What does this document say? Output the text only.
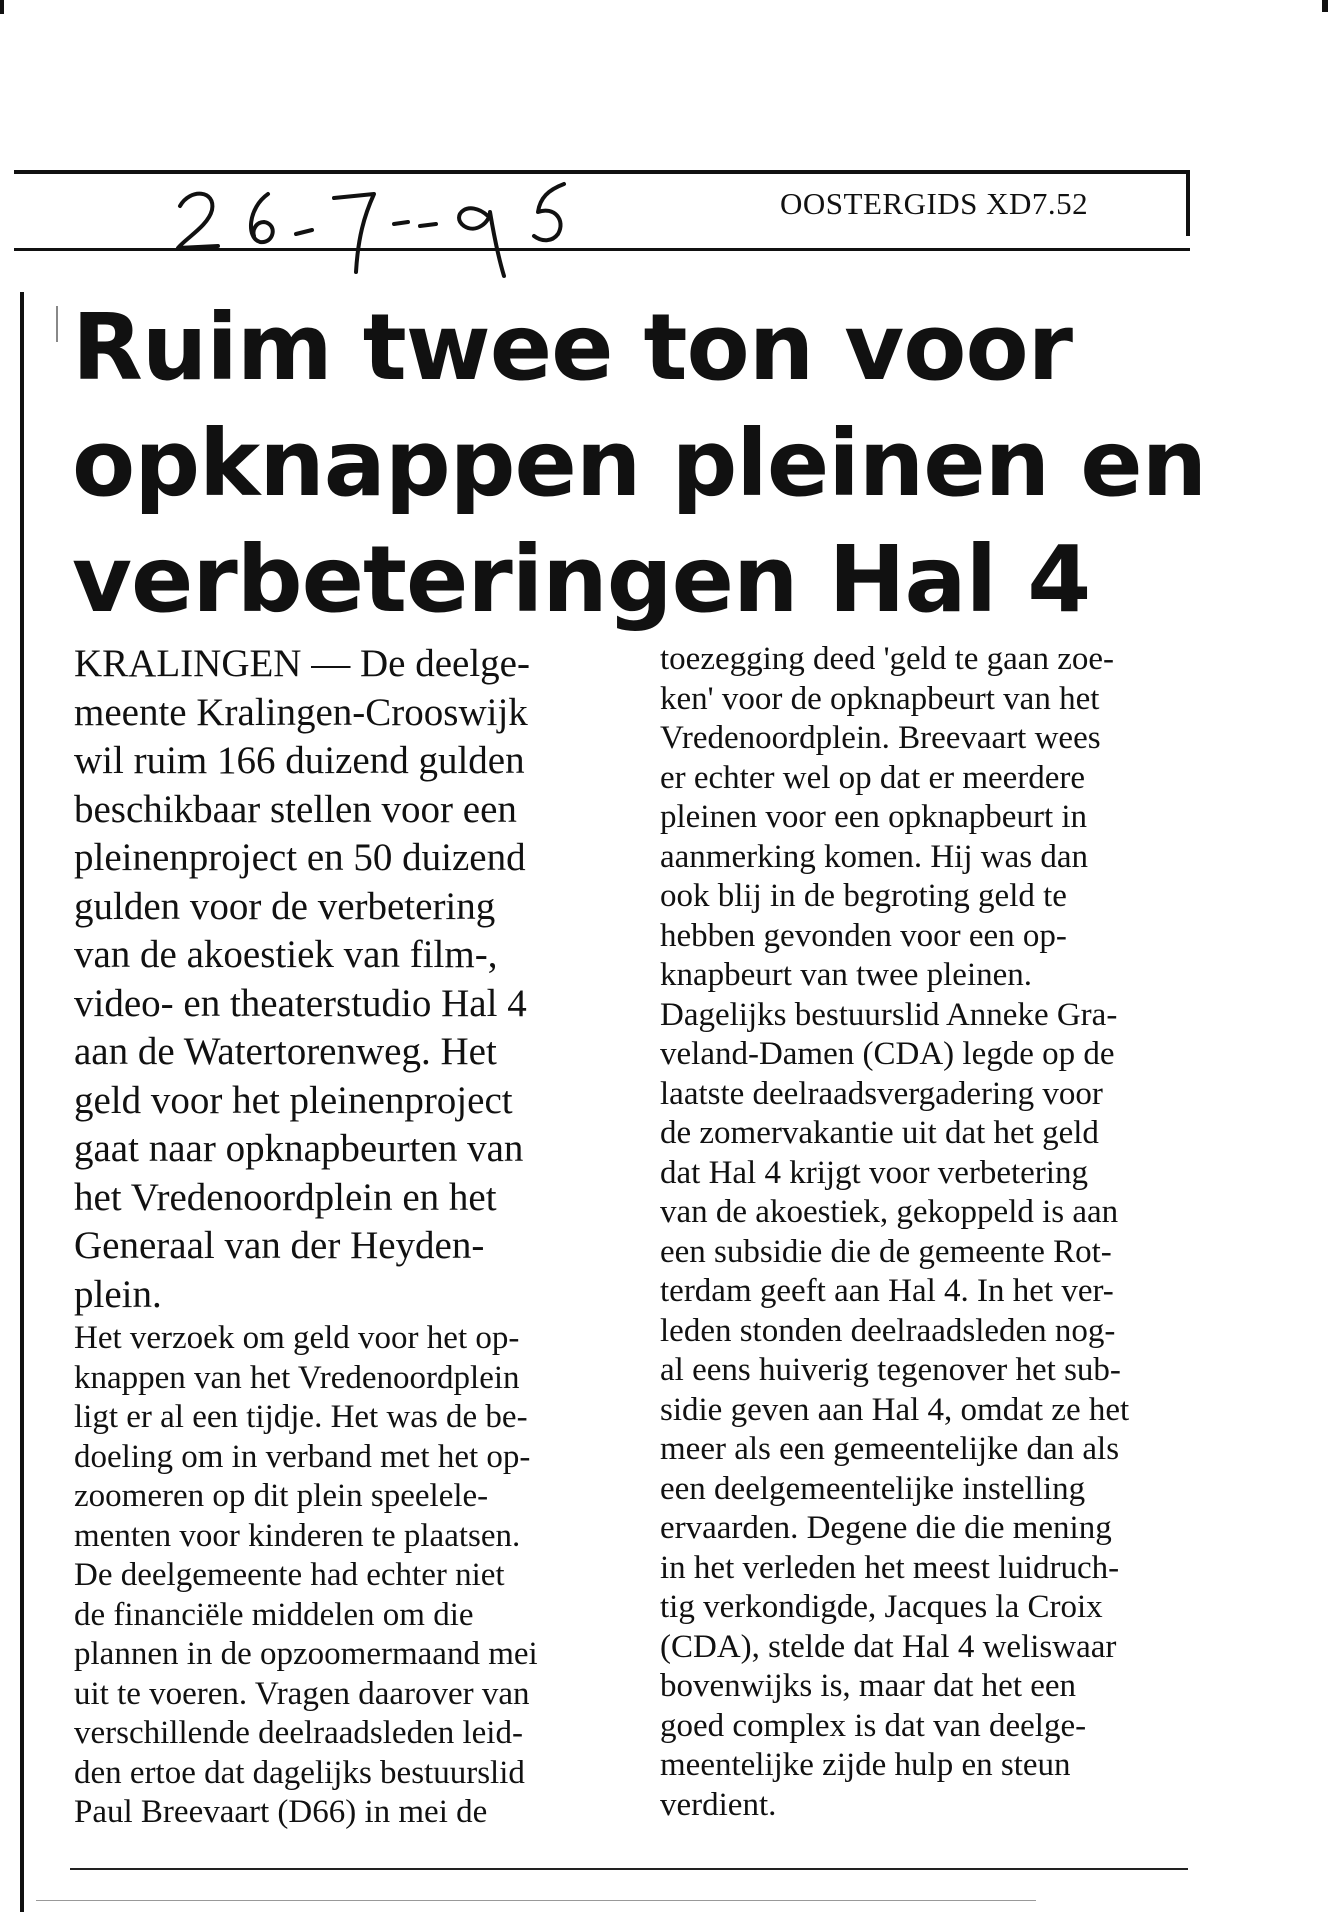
OOSTERGIDS XD7.52
Ruim twee ton voor
opknappen pleinen en
verbeteringen Hal 4

KRALINGEN — De deelge-

meente Kralingen-Crooswijk

wil ruim 166 duizend gulden

beschikbaar stellen voor een

pleinenproject en 50 duizend

gulden voor de verbetering

van de akoestiek van film-,

video- en theaterstudio Hal 4

aan de Watertorenweg. Het

geld voor het pleinenproject

gaat naar opknapbeurten van

het Vredenoordplein en het

Generaal van der Heyden-

plein.

Het verzoek om geld voor het op-

knappen van het Vredenoordplein

ligt er al een tijdje. Het was de be-

doeling om in verband met het op-

zoomeren op dit plein speelele-

menten voor kinderen te plaatsen.

De deelgemeente had echter niet

de financiële middelen om die

plannen in de opzoomermaand mei

uit te voeren. Vragen daarover van

verschillende deelraadsleden leid-

den ertoe dat dagelijks bestuurslid

Paul Breevaart (D66) in mei de

toezegging deed 'geld te gaan zoe-

ken' voor de opknapbeurt van het

Vredenoordplein. Breevaart wees

er echter wel op dat er meerdere

pleinen voor een opknapbeurt in

aanmerking komen. Hij was dan

ook blij in de begroting geld te

hebben gevonden voor een op-

knapbeurt van twee pleinen.

Dagelijks bestuurslid Anneke Gra-

veland-Damen (CDA) legde op de

laatste deelraadsvergadering voor

de zomervakantie uit dat het geld

dat Hal 4 krijgt voor verbetering

van de akoestiek, gekoppeld is aan

een subsidie die de gemeente Rot-

terdam geeft aan Hal 4. In het ver-

leden stonden deelraadsleden nog-

al eens huiverig tegenover het sub-

sidie geven aan Hal 4, omdat ze het

meer als een gemeentelijke dan als

een deelgemeentelijke instelling

ervaarden. Degene die die mening

in het verleden het meest luidruch-

tig verkondigde, Jacques la Croix

(CDA), stelde dat Hal 4 weliswaar

bovenwijks is, maar dat het een

goed complex is dat van deelge-

meentelijke zijde hulp en steun

verdient.
